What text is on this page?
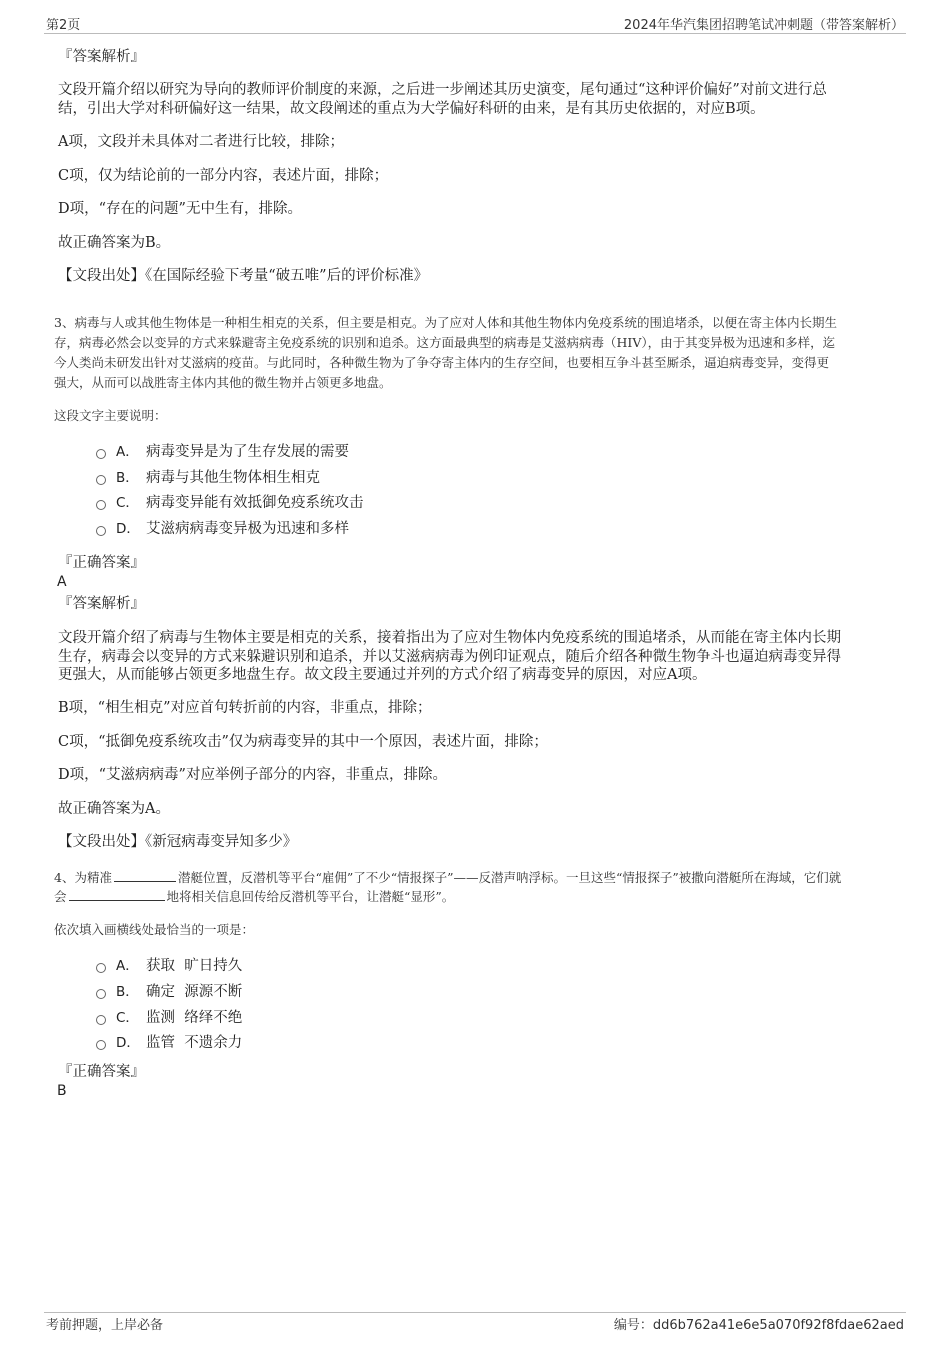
第2页	2024年华汽集团招聘笔试冲刺题（带答案解析）
『答案解析』
文段开篇介绍以研究为导向的教师评价制度的来源，之后进一步阐述其历史演变，尾句通过“这种评价偏好”对前文进行总
结，引出大学对科研偏好这一结果，故文段阐述的重点为大学偏好科研的由来，是有其历史依据的，对应B项。
A项，文段并未具体对二者进行比较，排除；
C项，仅为结论前的一部分内容，表述片面，排除；
D项，“存在的问题”无中生有，排除。
故正确答案为B。
【文段出处】《在国际经验下考量“破五唯”后的评价标准》
3、病毒与人或其他生物体是一种相生相克的关系，但主要是相克。为了应对人体和其他生物体内免疫系统的围追堵杀，以便在寄主体内长期生
存，病毒必然会以变异的方式来躲避寄主免疫系统的识别和追杀。这方面最典型的病毒是艾滋病病毒（HIV），由于其变异极为迅速和多样，迄
今人类尚未研发出针对艾滋病的疫苗。与此同时，各种微生物为了争夺寄主体内的生存空间，也要相互争斗甚至厮杀，逼迫病毒变异，变得更
强大，从而可以战胜寄主体内其他的微生物并占领更多地盘。
这段文字主要说明：
A． 病毒变异是为了生存发展的需要
B． 病毒与其他生物体相生相克
C． 病毒变异能有效抵御免疫系统攻击
D． 艾滋病病毒变异极为迅速和多样
『正确答案』
A
『答案解析』
文段开篇介绍了病毒与生物体主要是相克的关系，接着指出为了应对生物体内免疫系统的围追堵杀，从而能在寄主体内长期
生存，病毒会以变异的方式来躲避识别和追杀，并以艾滋病病毒为例印证观点，随后介绍各种微生物争斗也逼迫病毒变异得
更强大，从而能够占领更多地盘生存。故文段主要通过并列的方式介绍了病毒变异的原因，对应A项。
B项，“相生相克”对应首句转折前的内容，非重点，排除；
C项，“抵御免疫系统攻击”仅为病毒变异的其中一个原因，表述片面，排除；
D项，“艾滋病病毒”对应举例子部分的内容，非重点，排除。
故正确答案为A。
【文段出处】《新冠病毒变异知多少》
4、为精准	潜艇位置，反潜机等平台“雇佣”了不少“情报探子”——反潜声呐浮标。一旦这些“情报探子”被撒向潜艇所在海域，它们就
会	地将相关信息回传给反潜机等平台，让潜艇“显形”。
依次填入画横线处最恰当的一项是：
A． 获取  旷日持久
B． 确定  源源不断
C． 监测  络绎不绝
D． 监管  不遗余力
『正确答案』
B
考前押题，上岸必备	编号：dd6b762a41e6e5a070f92f8fdae62aed
